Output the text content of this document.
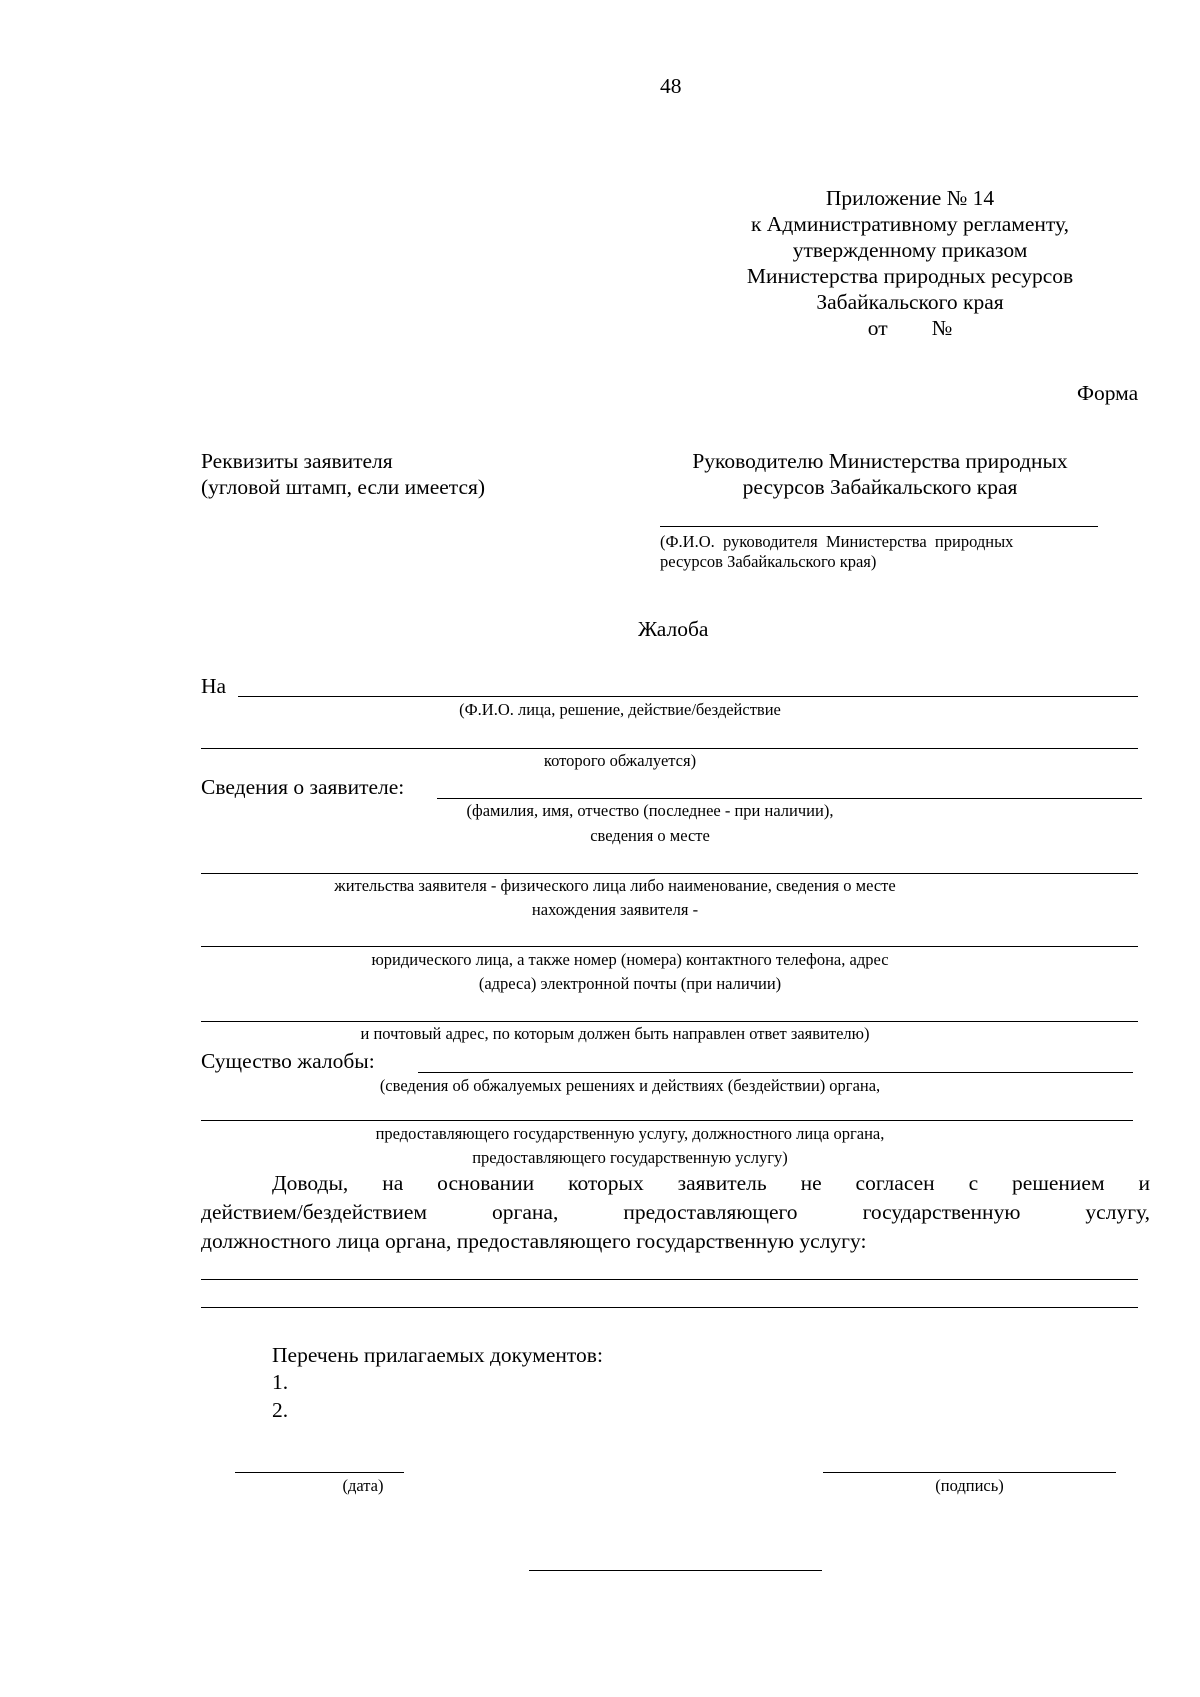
48
Приложение № 14
к Административному регламенту,
утвержденному приказом
Министерства природных ресурсов
Забайкальского края
от №
Форма
Реквизиты заявителя
(угловой штамп, если имеется)
Руководителю Министерства природных
ресурсов Забайкальского края
(Ф.И.О.  руководителя  Министерства  природных
ресурсов Забайкальского края)
Жалоба
На
(Ф.И.О. лица, решение, действие/бездействие
которого обжалуется)
Сведения о заявителе:
(фамилия, имя, отчество (последнее - при наличии),
сведения о месте
жительства заявителя - физического лица либо наименование, сведения о месте
нахождения заявителя -
юридического лица, а также номер (номера) контактного телефона, адрес
(адреса) электронной почты (при наличии)
и почтовый адрес, по которым должен быть направлен ответ заявителю)
Существо жалобы:
(сведения об обжалуемых решениях и действиях (бездействии) органа,
предоставляющего государственную услугу, должностного лица органа,
предоставляющего государственную услугу)
Доводы, на основании которых заявитель не согласен с решением и
действием/бездействием органа, предоставляющего государственную услугу,
должностного лица органа, предоставляющего государственную услугу:
Перечень прилагаемых документов:
1.
2.
(дата)	(подпись)
